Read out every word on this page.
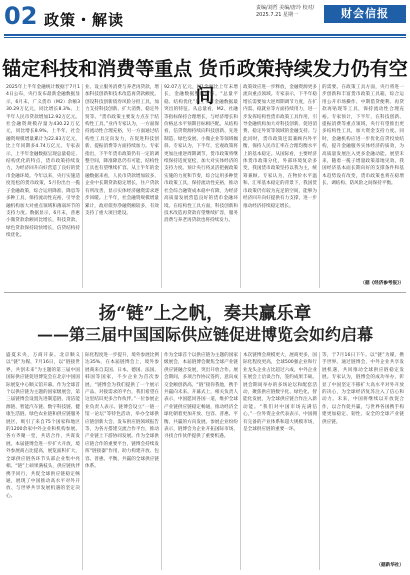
02 政策・解读
责编/刘哲 美编/唐玲 校对/
2025.7.21 星期一	财会信报
锚定科技和消费等重点 货币政策持续发力仍有空间
2025年上半年金融统计数据于7月14日公布，央行发布最新金融数据显示，6月末，广义货币（M2）余额330.29万亿元，同比增长8.3%。上半年人民币贷款增加12.92万亿元。社会融资规模存量为430.22万亿元，同比增长8.9%。上半年，社会融资规模增量累计为22.83万亿元，比上年同期多4.74万亿元。专家表示，上半年金融数据呈现总量稳定、结构优化的特点，货币政策持续发力，为经济回升向好营造了良好的货币金融环境。今年以来，央行实施适度宽松的货币政策，5月份出台一揽子金融政策，综合运用降准、降息等多种工具，保持流动性充裕，引导金融机构加大对重点领域和薄弱环节的支持力度。数据显示，6月末，普惠小微贷款余额同比增长，科技贷款、绿色贷款保持较快增长，信贷结构持续优化。
业、设立服务消费与养老再贷款，增加科技创新和技术改造再贷款额度。创设科技创新债券风险分担工具，加力支持科技创新、扩大消费、稳定外贸等。“货币政策主要发力点在于结构性工具，”业内专家认为，一方面保持流动性合理充裕，另一方面通过结构性工具定向发力，在促进科技创新、提振消费等方面持续加力。专家指出，下半年货币政策仍有一定的调整空间，降准降息仍有可能，结构性工具也有望继续扩容。从上半年的金融数据来看，人民币贷款增加较多，企业中长期贷款稳定增长，住户贷款有所改善，显示实体经济融资需求逐步回暖。上半年，社会融资规模增量累计，政府债券净融资额较多，有效支持了重大项目建设。
92.07万亿元，M1余额比上年末增长，金融数据整体向好。“总量平稳、结构优化”是上半年金融数据最突出的特征。从总量看，M2、社融等指标保持合理增长，与经济增长和价格总水平预期目标相匹配。从结构看，信贷资源持续向科技创新、先进制造、绿色发展、小微企业等领域倾斜。专家认为，下半年，宏观政策将更加注重逆周期调节，货币政策将继续保持适度宽松，加大对实体经济的支持力度。预计央行将灵活把握政策实施的力度和节奏，综合运用多种货币政策工具，保持流动性充裕，推动社会综合融资成本稳中有降，为经济高质量发展营造良好的货币金融环境。在结构性工具方面，科技创新和技术改造再贷款有望继续扩容，服务消费与养老再贷款也将持续发力。
政策效应进一步释放，金融资源更多流向重点领域。专家表示，下半年稳增长需要加大逆周期调节力度，在扩内需、稳就业等方面持续用力，进一步发挥结构性货币政策工具作用，引导金融机构加大对科技创新、促进消费、稳定外贸等领域的金融支持。与此同时，货币政策还需兼顾内外平衡，保持人民币汇率在合理均衡水平上的基本稳定。从国际看，主要经济体货币政策分化，外部环境复杂多变，我国货币政策坚持以我为主，统筹兼顾。专家认为，在物价水平温和、汇率基本稳定的背景下，我国货币政策仍有较为充足的空间，能够为经济回升向好提供有力支撑，进一步推动经济持续稳定增长。
的需要。在政策工具方面，央行将进一步创新和丰富货币政策工具箱，综合运用公开市场操作、中期借贷便利、再贷款再贴现等工具，保持流动性合理充裕。专家预计，下半年，在科技创新、提振消费等重点领域，央行有望推出更多结构性工具，加大资金支持力度。同时，金融机构应进一步优化信贷投放结构，提升金融服务实体经济的质效，为高质量发展注入更多金融动能。展望未来，随着一揽子增量政策落地见效，我国经济基本面长期向好的支撑条件和基本趋势没有改变，货币政策也将在稳增长、调结构、防风险之间保持平衡。
（据《经济参考报》）
扬“链”上之帆，奏共赢乐章
——第三届中国国际供应链促进博览会如约启幕
盛夏未央，万商开泰。北京顺义以“链”为媒，7月16日，以“链接世界，共创未来”为主题的第三届中国国际供应链促进博览会在北京中国国际展览中心顺义馆开幕。作为全球首个以供应链为主题的国家级展会，第三届链博会设置先进制造链、清洁能源链、智能汽车链、数字科技链、健康生活链、绿色农业链和供应链服务展区，吸引了来自75个国家和地区的1200余家中外企业和机构参展。各方齐聚一堂，共话合作，共谋发展。本届链博会进一步扩大开放，境外参展商占比提高，展览面积扩大，全球供应链各环节头部企业集中亮相。“链”上硕果满枝头，供应链伙伴携手同行，共促全球供应链稳定畅通，展现了中国推动高水平对外开放、与世界共享发展机遇的坚定决心。
际化程度进一步提升，境外参展比例达35%，在本届链博会上，境外参展商来自美国、日本、德国、法国、韩国等国家，不少企业为首次参展。“链博会为我们提供了一个展示产品、对接需求的平台，我们希望在这里结识更多合作伙伴。”一位参展企业负责人表示。链博会设立“一链一馆一论坛”等特色活动，举办全球供应链创新大会、发布供应链领域报告等，为各方搭建交流合作平台，推动产业链上下游协同发展。作为全球供应链合作的重要平台，链博会持续发挥“链接器”作用，助力构建开放、包容、普惠、平衡、共赢的全球供应链体系。
作为全球首个以供应链为主题的国家级展会，本届链博会聚焦全球产业链供应链融合发展，突出开放合作。展会期间，多项合作协议签约，意向成交金额创新高。“链”接你我他，携手共赢向未来。开幕式上，相关负责人表示，中国愿同各国一道，维护全球产业链供应链稳定畅通，推动经济全球化朝着更加开放、包容、普惠、平衡、共赢的方向发展。参展企业纷纷表示，链博会为企业开拓国际市场、寻找合作伙伴提供了重要机遇。
本次链博会规模更大，展商更多，国际化程度更高，全球500强企业和行业龙头企业占比超过六成，中外企业在展会上洽谈合作，签约成果丰硕。展会期间举办的多场论坛和配套活动，聚焦供应链数字化、绿色化、智能化发展，为全球供应链合作注入新动能。“我们对中国市场充满信心，”一位外资企业代表表示，中国拥有完备的产业体系和超大规模市场，是全球供应链的重要一环。
等，于7月16日下午。以“链”为媒，携手世界。通过链博会，中外企业共享发展机遇，共同推动全球供应链稳定发展。专家认为，链博会的成功举办，彰显了中国坚定不移扩大高水平对外开放的决心，为全球经济复苏注入了信心和动力。未来，中国将继续以开放促合作，以合作促共赢，与世界各国携手构建更加稳定、韧性、安全的全球产业链供应链。
（据新华社）
